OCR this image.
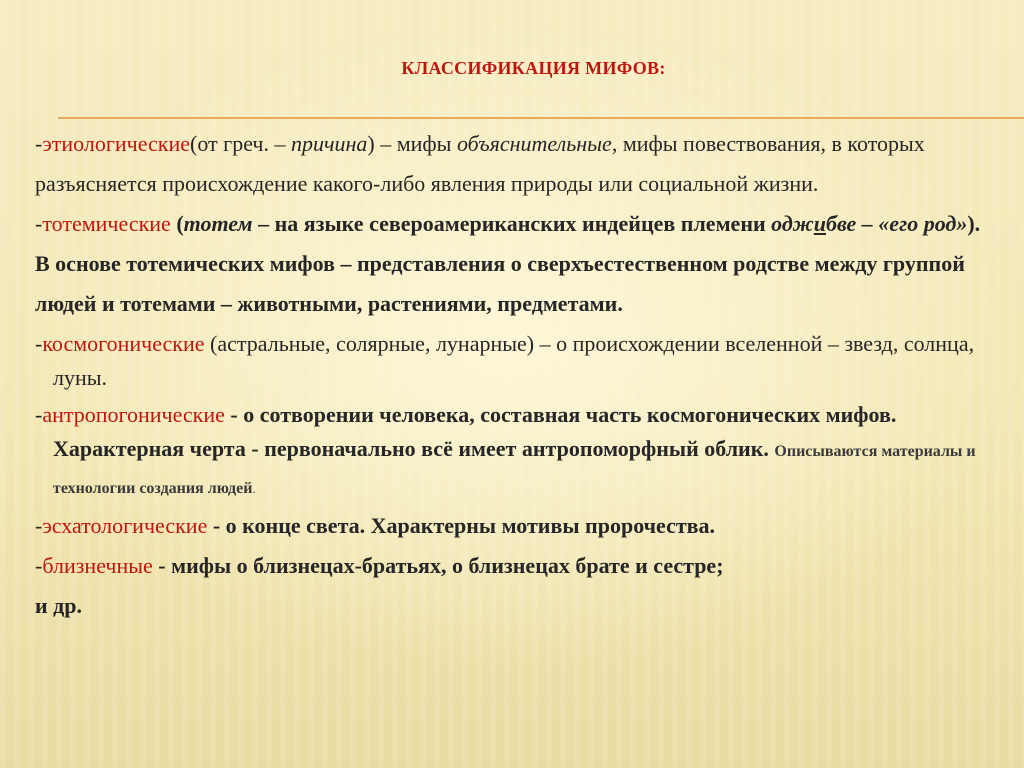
КЛАССИФИКАЦИЯ МИФОВ:

-этиологические(от греч. – причина) – мифы объяснительные, мифы повествования, в которых разъясняется происхождение какого-либо явления природы или социальной жизни.

-тотемические (тотем – на языке североамериканских индейцев племени оджибве – «его род»). В основе тотемических мифов – представления о сверхъестественном родстве между группой людей и тотемами – животными, растениями, предметами.

-космогонические (астральные, солярные, лунарные) – о происхождении вселенной – звезд, солнца, луны.

-антропогонические - о сотворении человека, составная часть космогонических мифов. Характерная черта - первоначально всё имеет антропоморфный облик. Описываются материалы и технологии создания людей.

-эсхатологические - о конце света. Характерны мотивы пророчества.

-близнечные - мифы о близнецах-братьях, о близнецах брате и сестре;

и др.
